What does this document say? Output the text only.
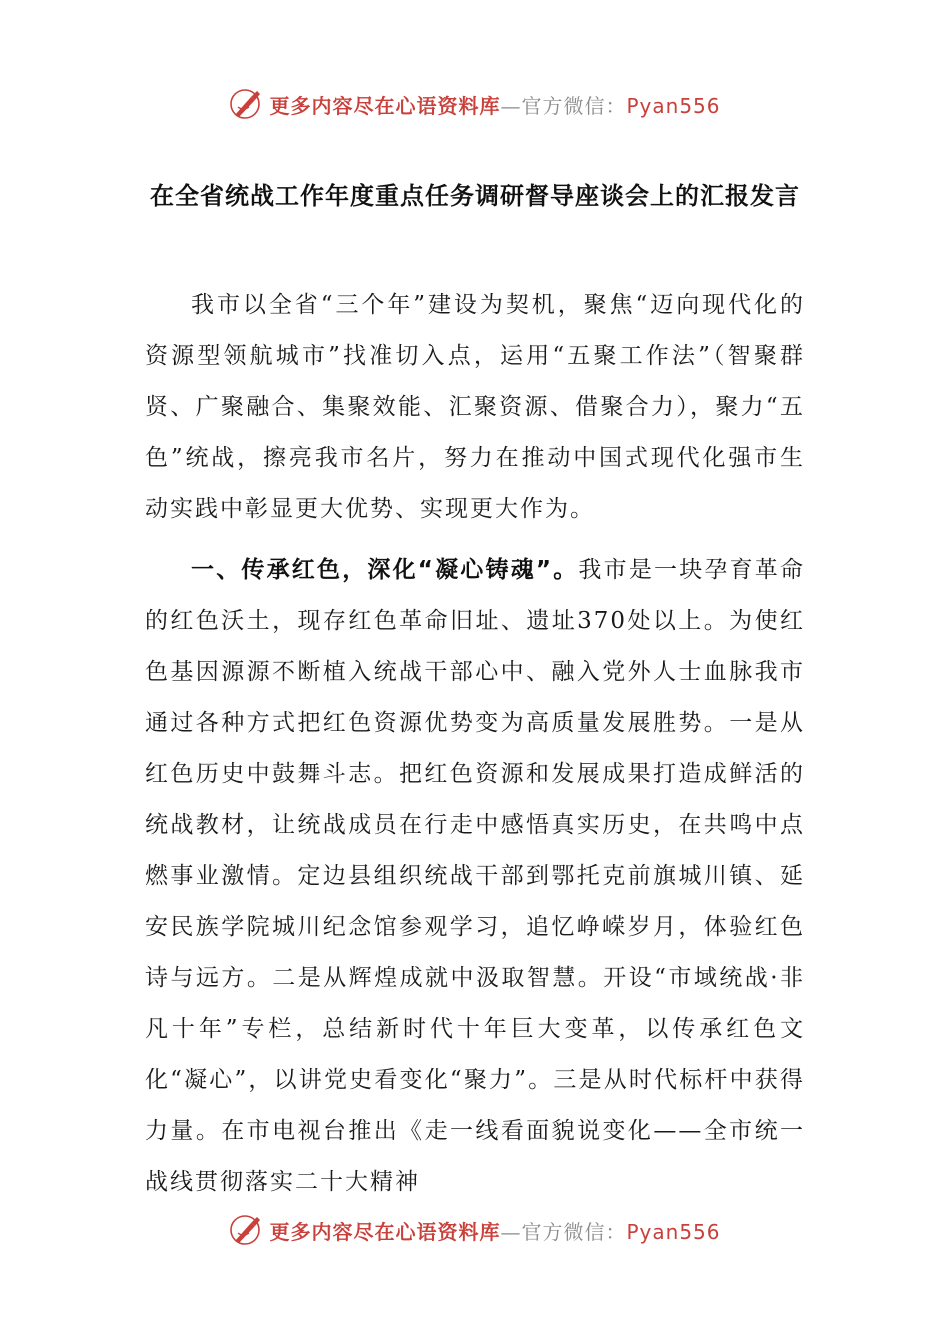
更多内容尽在心语资料库—官方微信：Pyan556
在全省统战工作年度重点任务调研督导座谈会上的汇报发言

我市以全省“三个年”建设为契机，聚焦“迈向现代化的资源型领航城市”找准切入点，运用“五聚工作法”（智聚群贤、广聚融合、集聚效能、汇聚资源、借聚合力），聚力“五色”统战，擦亮我市名片，努力在推动中国式现代化强市生动实践中彰显更大优势、实现更大作为。

一、传承红色，深化“凝心铸魂”。我市是一块孕育革命的红色沃土，现存红色革命旧址、遗址370处以上。为使红色基因源源不断植入统战干部心中、融入党外人士血脉我市通过各种方式把红色资源优势变为高质量发展胜势。一是从红色历史中鼓舞斗志。把红色资源和发展成果打造成鲜活的统战教材，让统战成员在行走中感悟真实历史，在共鸣中点燃事业激情。定边县组织统战干部到鄂托克前旗城川镇、延安民族学院城川纪念馆参观学习，追忆峥嵘岁月，体验红色诗与远方。二是从辉煌成就中汲取智慧。开设“市域统战·非凡十年”专栏，总结新时代十年巨大变革，以传承红色文化“凝心”，以讲党史看变化“聚力”。三是从时代标杆中获得力量。在市电视台推出《走一线看面貌说变化——全市统一战线贯彻落实二十大精神

更多内容尽在心语资料库—官方微信：Pyan556
